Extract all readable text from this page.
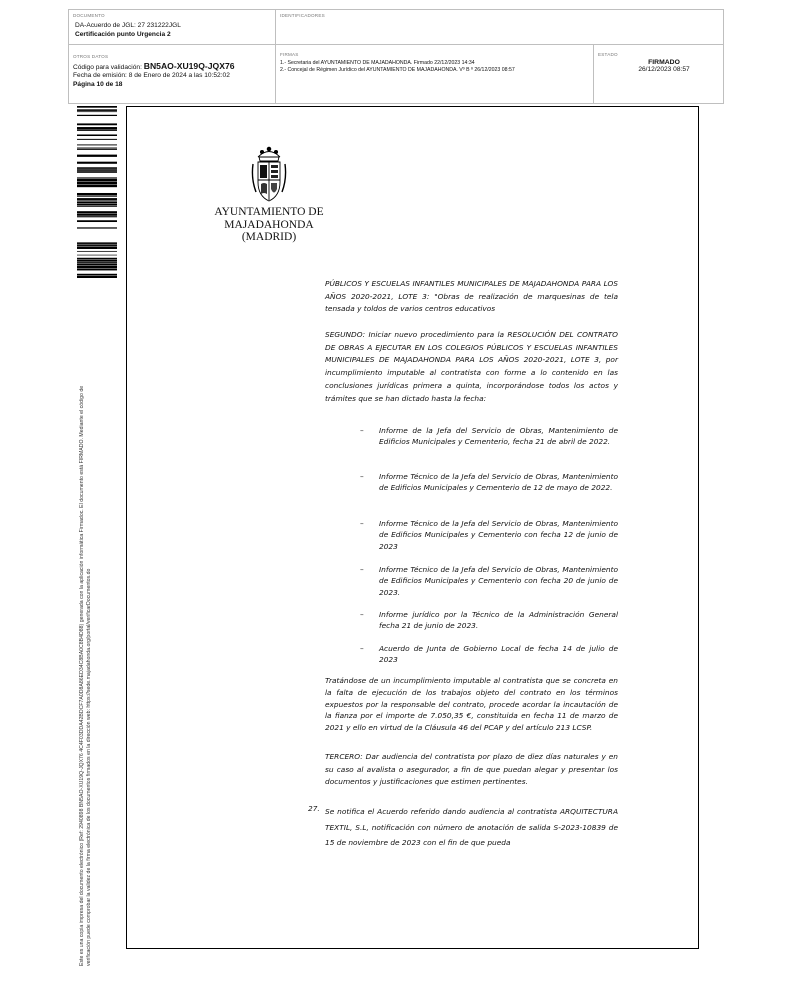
DOCUMENTO
DA-Acuerdo de JGL: 27 231222JGL
Certificación punto Urgencia 2
IDENTIFICADORES
OTROS DATOS
Código para validación: BN5AO-XU19Q-JQX76
Fecha de emisión: 8 de Enero de 2024 a las 10:52:02
Página 10 de 18
FIRMAS
1.- Secretaria del AYUNTAMIENTO DE MAJADAHONDA. Firmado 22/12/2023 14:34
2.- Concejal de Régimen Jurídico del AYUNTAMIENTO DE MAJADAHONDA. Vº B º 26/12/2023 08:57
ESTADO
FIRMADO
26/12/2023 08:57
Este es una copia impresa del documento electrónico (Ref: 2940898 BN5AO-XU19Q-JQX76 4C4F03DDA42BDCF7A0D8A86ED34C8BA0C8B4D88) generada con la aplicación informática Firmadoc. El documento está FIRMADO. Mediante el código de verificación puede comprobar la validez de la firma electrónica de los documentos firmados en la dirección web: https://sede.majadahonda.org/portal/verificarDocumentos.do
AYUNTAMIENTO DE
MAJADAHONDA
(MADRID)

PÚBLICOS Y ESCUELAS INFANTILES MUNICIPALES DE MAJADAHONDA PARA LOS AÑOS 2020-2021, LOTE 3: "Obras de realización de marquesinas de tela tensada y toldos de varios centros educativos

SEGUNDO: Iniciar nuevo procedimiento para la RESOLUCIÓN DEL CONTRATO DE OBRAS A EJECUTAR EN LOS COLEGIOS PÚBLICOS Y ESCUELAS INFANTILES MUNICIPALES DE MAJADAHONDA PARA LOS AÑOS 2020-2021, LOTE 3, por incumplimiento imputable al contratista con forme a lo contenido en las conclusiones jurídicas primera a quinta, incorporándose todos los actos y trámites que se han dictado hasta la fecha:

– Informe de la Jefa del Servicio de Obras, Mantenimiento de Edificios Municipales y Cementerio, fecha 21 de abril de 2022.
– Informe Técnico de la Jefa del Servicio de Obras, Mantenimiento de Edificios Municipales y Cementerio de 12 de mayo de 2022.
– Informe Técnico de la Jefa del Servicio de Obras, Mantenimiento de Edificios Municipales y Cementerio con fecha 12 de junio de 2023
– Informe Técnico de la Jefa del Servicio de Obras, Mantenimiento de Edificios Municipales y Cementerio con fecha 20 de junio de 2023.
– Informe jurídico por la Técnico de la Administración General fecha 21 de junio de 2023.
– Acuerdo de Junta de Gobierno Local de fecha 14 de julio de 2023

Tratándose de un incumplimiento imputable al contratista que se concreta en la falta de ejecución de los trabajos objeto del contrato en los términos expuestos por la responsable del contrato, procede acordar la incautación de la fianza por el importe de 7.050,35 €, constituida en fecha 11 de marzo de 2021 y ello en virtud de la Cláusula 46 del PCAP y del artículo 213 LCSP.

TERCERO: Dar audiencia del contratista por plazo de diez días naturales y en su caso al avalista o asegurador, a fin de que puedan alegar y presentar los documentos y justificaciones que estimen pertinentes.

27. Se notifica el Acuerdo referido dando audiencia al contratista ARQUITECTURA TEXTIL, S.L, notificación con número de anotación de salida S-2023-10839 de 15 de noviembre de 2023 con el fin de que pueda
